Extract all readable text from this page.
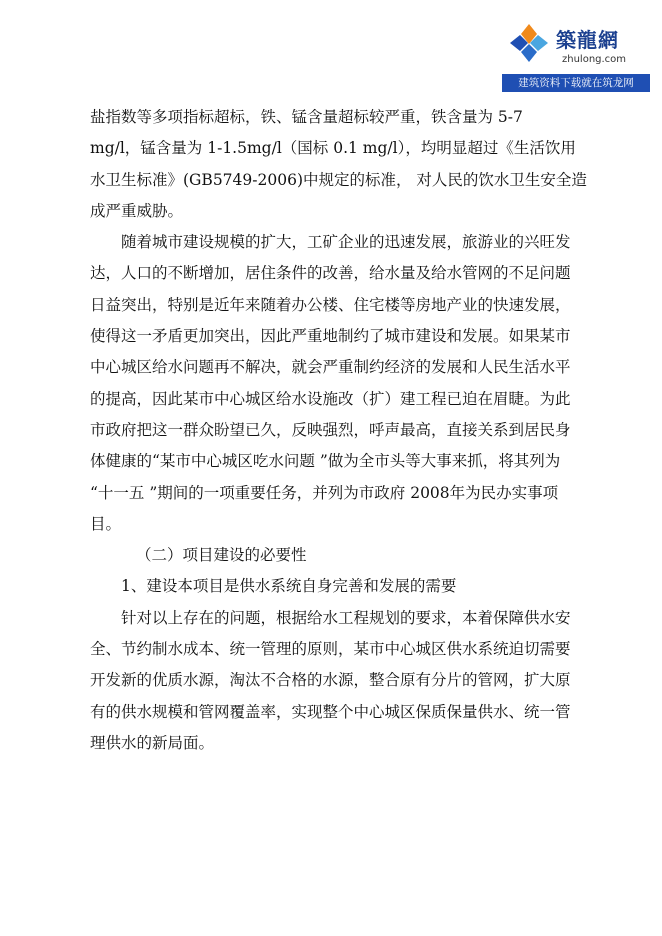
築龍網
zhulong.com
建筑资料下载就在筑龙网

盐指数等多项指标超标，铁、锰含量超标较严重，铁含量为 5-7

mg/l，锰含量为 1-1.5mg/l（国标 0.1 mg/l），均明显超过《生活饮用

水卫生标准》(GB5749-2006)中规定的标准， 对人民的饮水卫生安全造

成严重威胁。

随着城市建设规模的扩大，工矿企业的迅速发展，旅游业的兴旺发

达，人口的不断增加，居住条件的改善，给水量及给水管网的不足问题

日益突出，特别是近年来随着办公楼、住宅楼等房地产业的快速发展，

使得这一矛盾更加突出，因此严重地制约了城市建设和发展。如果某市

中心城区给水问题再不解决，就会严重制约经济的发展和人民生活水平

的提高，因此某市中心城区给水设施改（扩）建工程已迫在眉睫。为此

市政府把这一群众盼望已久，反映强烈，呼声最高，直接关系到居民身

体健康的“某市中心城区吃水问题 ”做为全市头等大事来抓，将其列为

“十一五 ”期间的一项重要任务，并列为市政府 2008年为民办实事项

目。

（二）项目建设的必要性

1、建设本项目是供水系统自身完善和发展的需要

针对以上存在的问题，根据给水工程规划的要求，本着保障供水安

全、节约制水成本、统一管理的原则，某市中心城区供水系统迫切需要

开发新的优质水源，淘汰不合格的水源，整合原有分片的管网，扩大原

有的供水规模和管网覆盖率，实现整个中心城区保质保量供水、统一管

理供水的新局面。
